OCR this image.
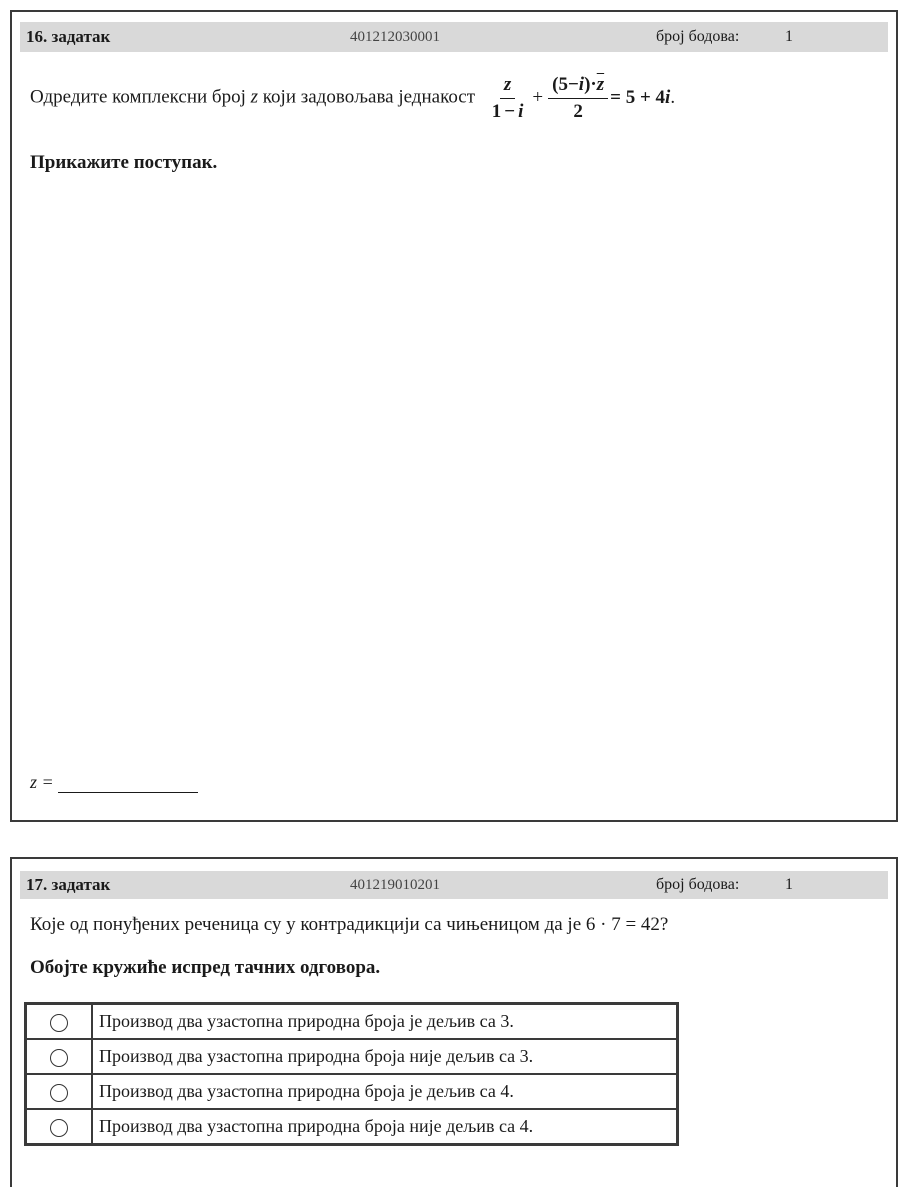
16. задатак	401212030001	број бодова:	1
Одредите комплексни број z који задовољава једнакост $\frac{z}{1 - i} + \frac{(5-i)\cdot\overline{z}}{2} = 5 + 4i$ .
Прикажите поступак.
z =
17. задатак	401219010201	број бодова:	1
Које од понуђених реченица су у контрадикцији са чињеницом да је 6 · 7 = 42?
Обојте кружиће испред тачних одговора.
	Производ два узастопна природна броја је дељив са 3.
	Производ два узастопна природна броја није дељив са 3.
	Производ два узастопна природна броја је дељив са 4.
	Производ два узастопна природна броја није дељив са 4.
